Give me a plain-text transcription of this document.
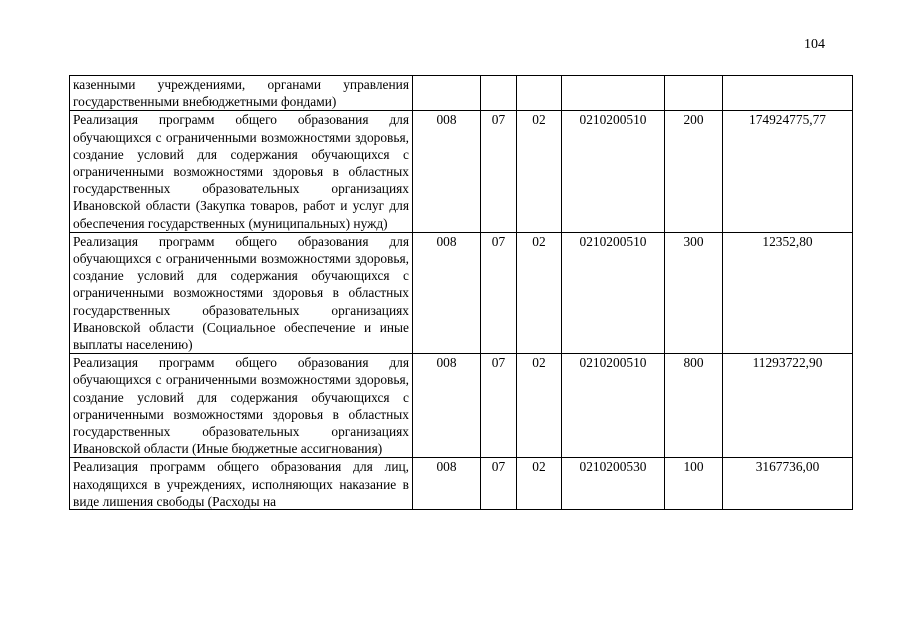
104
казенными учреждениями, органами управления государственными внебюджетными фондами)						
Реализация программ общего образования для обучающихся с ограниченными возможностями здоровья, создание условий для содержания обучающихся с ограниченными возможностями здоровья в областных государственных образовательных организациях Ивановской области (Закупка товаров, работ и услуг для обеспечения государственных (муниципальных) нужд)	008	07	02	0210200510	200	174924775,77
Реализация программ общего образования для обучающихся с ограниченными возможностями здоровья, создание условий для содержания обучающихся с ограниченными возможностями здоровья в областных государственных образовательных организациях Ивановской области (Социальное обеспечение и иные выплаты населению)	008	07	02	0210200510	300	12352,80
Реализация программ общего образования для обучающихся с ограниченными возможностями здоровья, создание условий для содержания обучающихся с ограниченными возможностями здоровья в областных государственных образовательных организациях Ивановской области (Иные бюджетные ассигнования)	008	07	02	0210200510	800	11293722,90

Реализация программ общего образования для лиц, находящихся в учреждениях, исполняющих наказание в виде лишения свободы (Расходы на	008	07	02	0210200530	100	3167736,00
